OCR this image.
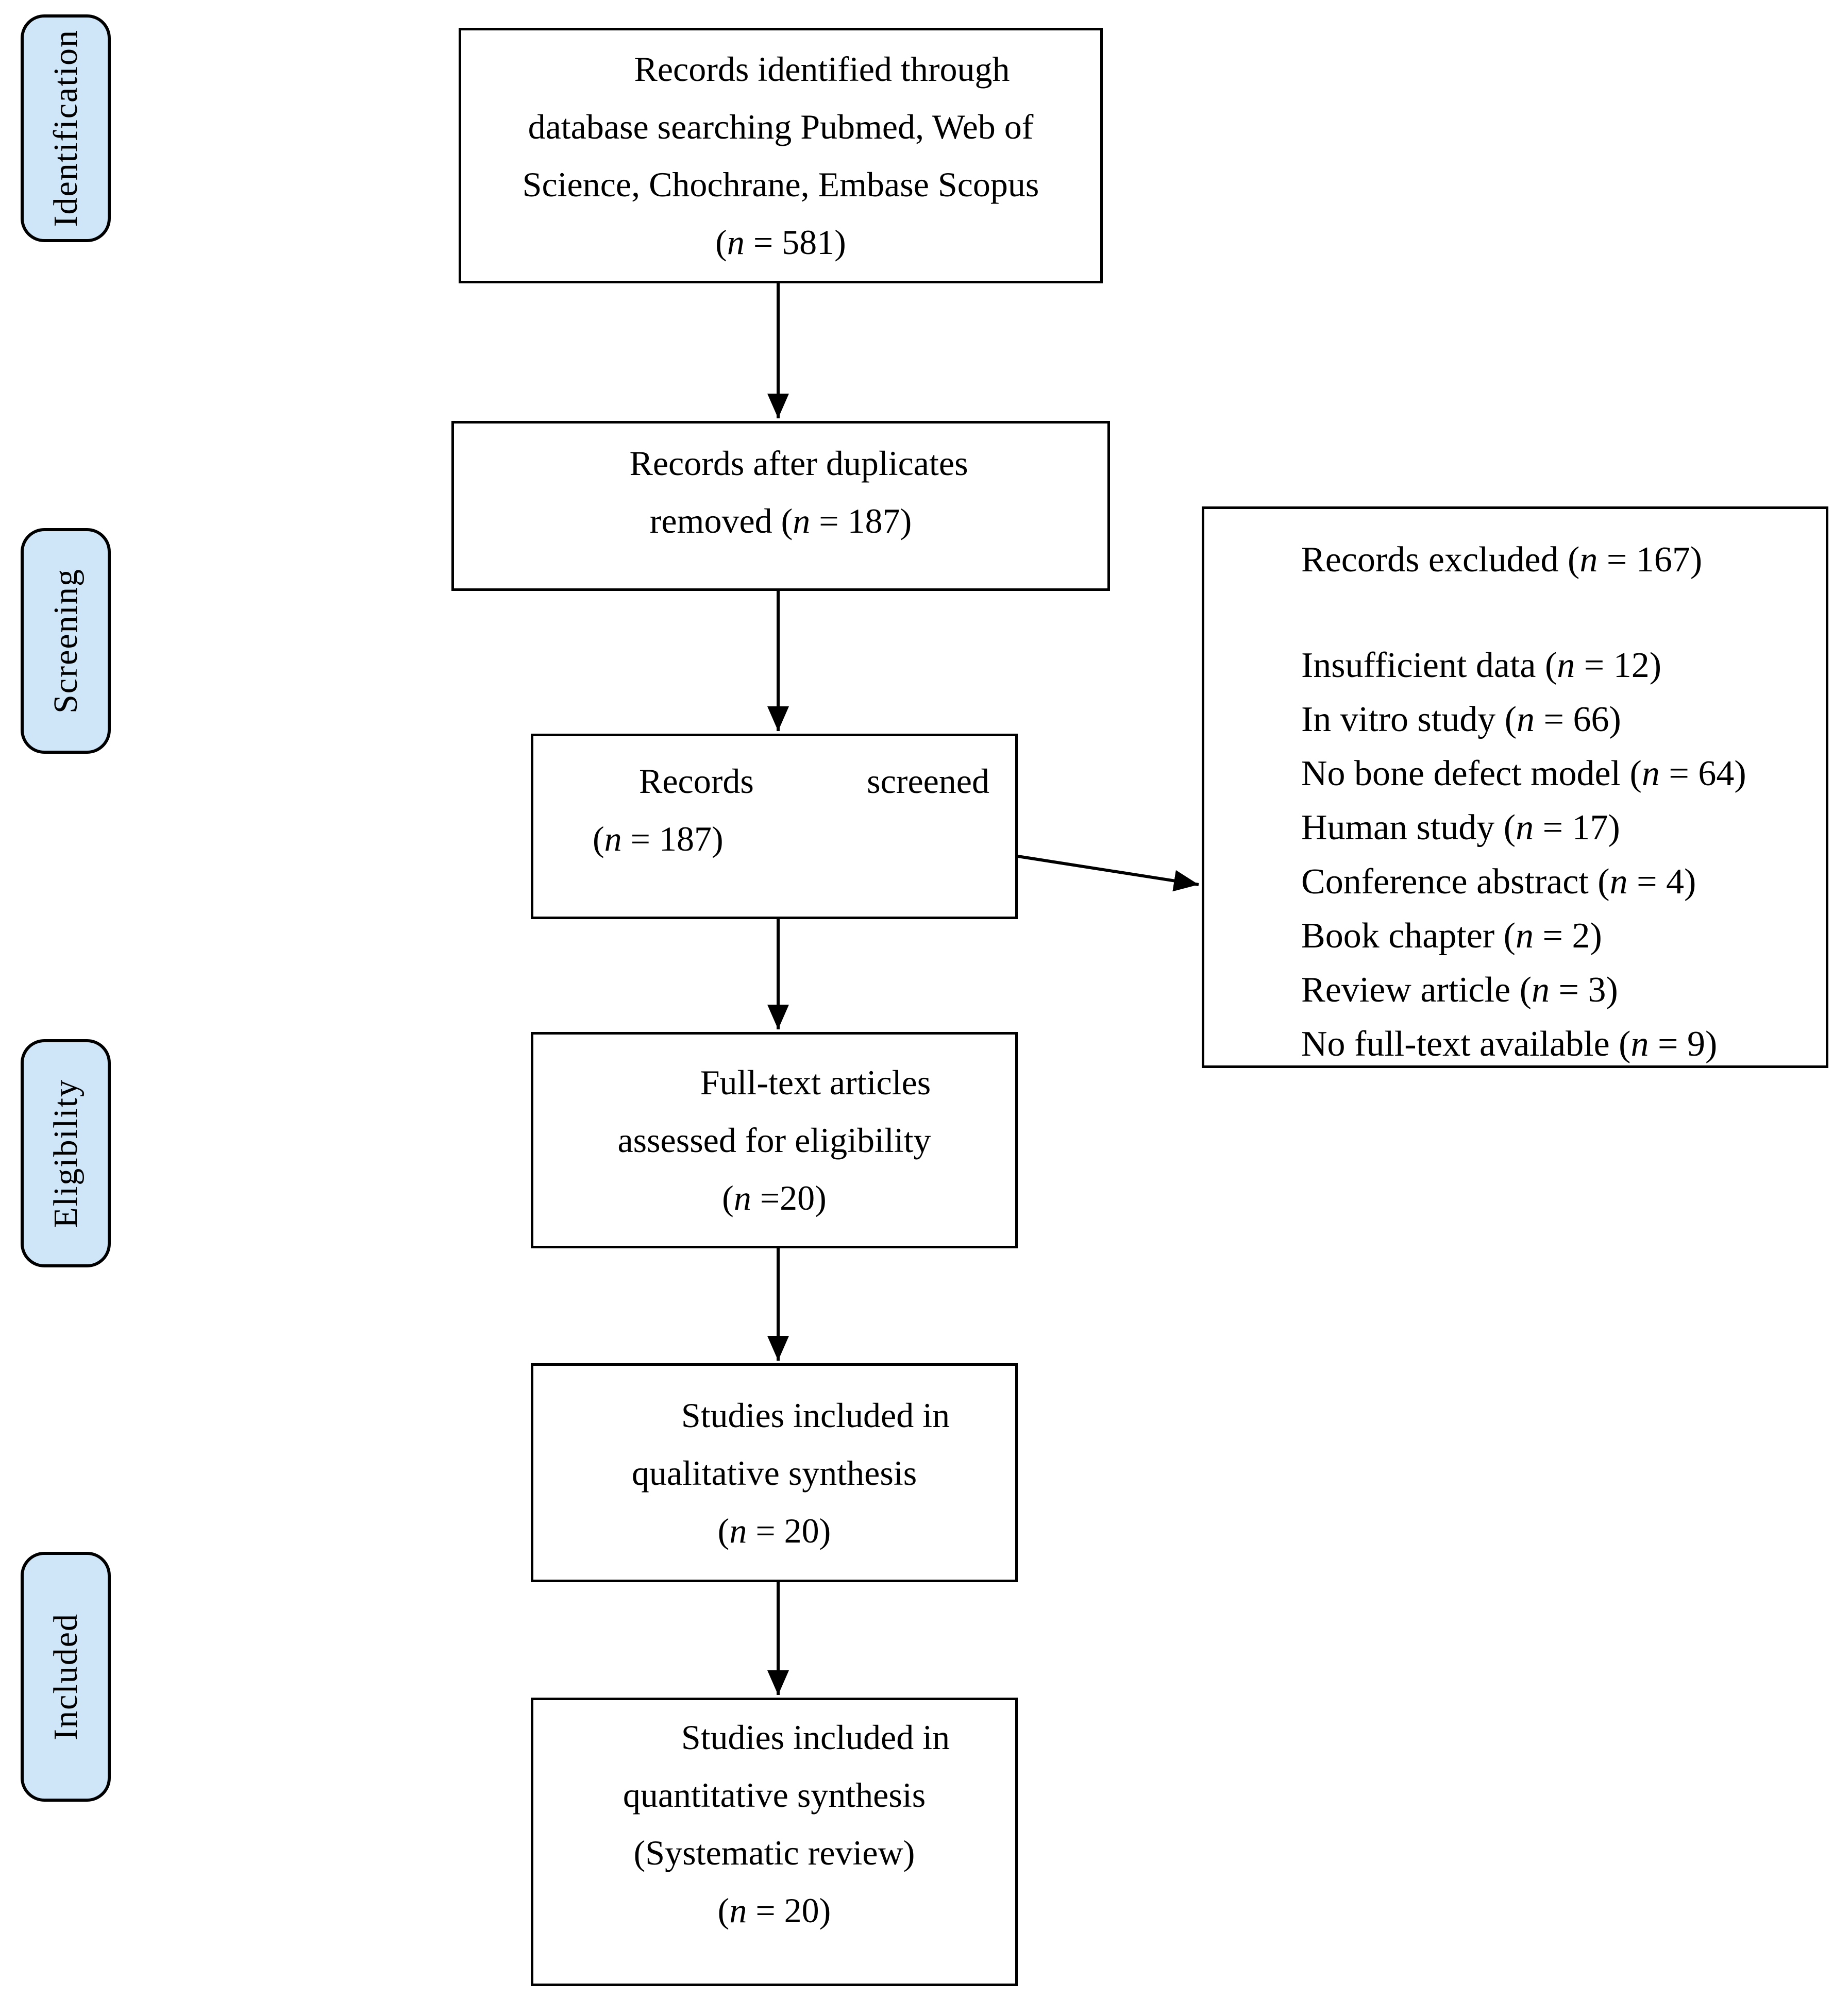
Identification
Screening
Eligibility
Included
Records identified through
database searching Pubmed, Web of
Science, Chochrane, Embase Scopus
(n = 581)
Records after duplicates
removed (n = 187)
Records	screened
(n = 187)
Full-text articles
assessed for eligibility
(n =20)
Studies included in
qualitative synthesis
(n = 20)
Studies included in
quantitative synthesis
(Systematic review)
(n = 20)
Records excluded (n = 167)
Insufficient data (n = 12)
In vitro study (n = 66)
No bone defect model (n = 64)
Human study (n = 17)
Conference abstract (n = 4)
Book chapter (n = 2)
Review article (n = 3)
No full-text available (n = 9)
